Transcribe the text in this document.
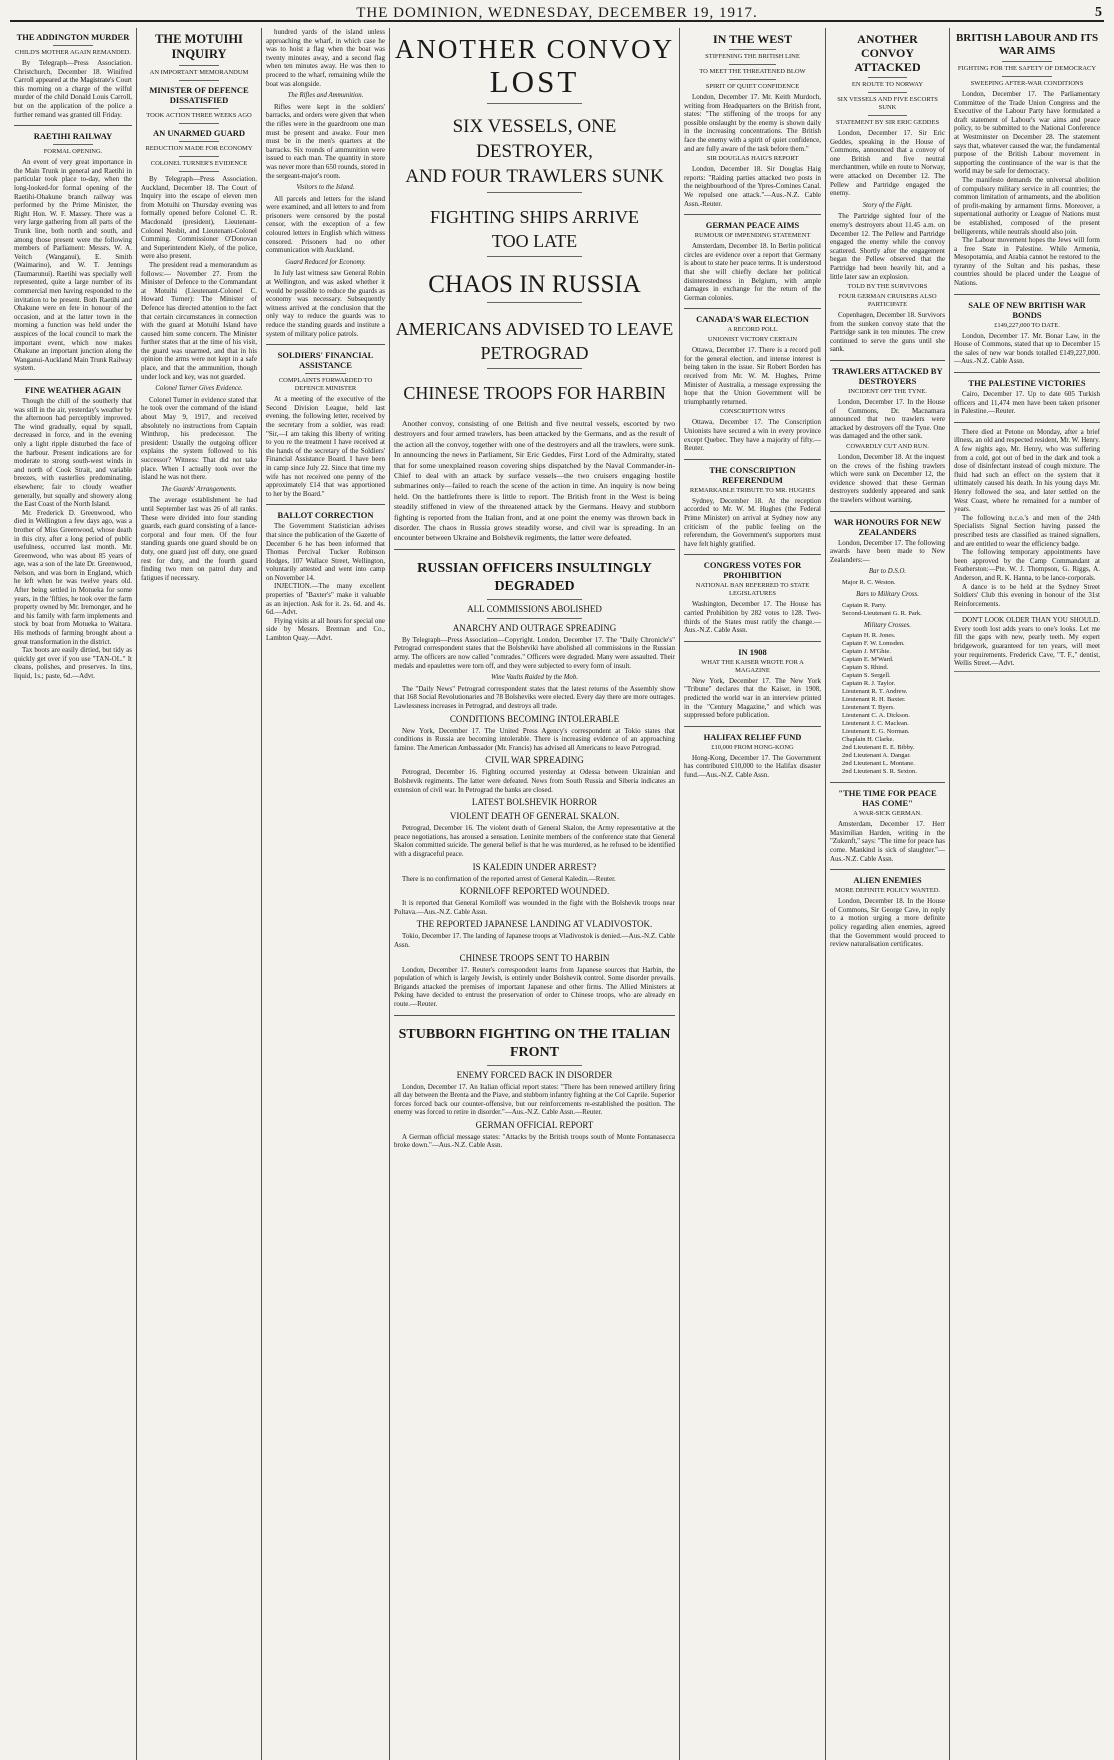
THE DOMINION, WEDNESDAY, DECEMBER 19, 1917.	5
THE ADDINGTON MURDER
CHILD'S MOTHER AGAIN REMANDED.

By Telegraph—Press Association. Christchurch, December 18. Winifred Carroll appeared at the Magistrate's Court this morning on a charge of the wilful murder of the child Donald Louis Carroll, but on the application of the police a further remand was granted till Friday.

RAETIHI RAILWAY
FORMAL OPENING.

An event of very great importance in the Main Trunk in general and Raetihi in particular took place to-day, when the long-looked-for formal opening of the Raetihi-Ohakune branch railway was performed by the Prime Minister, the Right Hon. W. F. Massey. There was a very large gathering from all parts of the Trunk line, both north and south, and among those present were the following members of Parliament: Messrs. W. A. Veitch (Wanganui), E. Smith (Waimarino), and W. T. Jennings (Taumarunui). Raetihi was specially well represented, quite a large number of its commercial men having responded to the invitation to be present. Both Raetihi and Ohakune were en fete in honour of the occasion, and at the latter town in the morning a function was held under the auspices of the local council to mark the important event, which now makes Ohakune an important junction along the Wanganui-Auckland Main Trunk Railway system.

FINE WEATHER AGAIN

Though the chill of the southerly that was still in the air, yesterday's weather by the afternoon had perceptibly improved. The wind gradually, equal by squall, decreased in force, and in the evening only a light ripple disturbed the face of the harbour. Present indications are for moderate to strong south-west winds in and north of Cook Strait, and variable breezes, with easterlies predominating, elsewhere; fair to cloudy weather generally, but squally and showery along the East Coast of the North Island.

Mr. Frederick D. Greenwood, who died in Wellington a few days ago, was a brother of Miss Greenwood, whose death in this city, after a long period of public usefulness, occurred last month. Mr. Greenwood, who was about 85 years of age, was a son of the late Dr. Greenwood, Nelson, and was born in England, which he left when he was twelve years old. After being settled in Motueka for some years, in the 'fifties, he took over the farm property owned by Mr. Iremonger, and he and his family with farm implements and stock by boat from Motueka to Waitara. His methods of farming brought about a great transformation in the district.

Tax boots are easily dirtied, but tidy as quickly get over if you use "TAN-OL." It cleans, polishes, and preserves. In tins, liquid, 1s.; paste, 6d.—Advt.

THE MOTUIHI INQUIRY
AN IMPORTANT MEMORANDUM
MINISTER OF DEFENCE DISSATISFIED
TOOK ACTION THREE WEEKS AGO
AN UNARMED GUARD
REDUCTION MADE FOR ECONOMY
COLONEL TURNER'S EVIDENCE

By Telegraph—Press Association. Auckland, December 18. The Court of Inquiry into the escape of eleven men from Motuihi on Thursday evening was formally opened before Colonel C. R. Macdonald (president), Lieutenant-Colonel Nesbit, and Lieutenant-Colonel Cumming. Commissioner O'Donovan and Superintendent Kiely, of the police, were also present.

The president read a memorandum as follows:— November 27. From the Minister of Defence to the Commandant at Motuihi (Lieutenant-Colonel C. Howard Turner): The Minister of Defence has directed attention to the fact that certain circumstances in connection with the guard at Motuihi Island have caused him some concern. The Minister further states that at the time of his visit, the guard was unarmed, and that in his opinion the arms were not kept in a safe place, and that the ammunition, though under lock and key, was not guarded.

Colonel Turner Gives Evidence.

Colonel Turner in evidence stated that he took over the command of the island about May 9, 1917, and received absolutely no instructions from Captain Winthrop, his predecessor. The president: Usually the outgoing officer explains the system followed to his successor? Witness: That did not take place. When I actually took over the island he was not there.

The Guards' Arrangements.

The average establishment he had until September last was 26 of all ranks. These were divided into four standing guards, each guard consisting of a lance-corporal and four men. Of the four standing guards one guard should be on duty, one guard just off duty, one guard rest for duty, and the fourth guard finding two men on patrol duty and fatigues if necessary.

hundred yards of the island unless approaching the wharf, in which case he was to hoist a flag when the boat was twenty minutes away, and a second flag when ten minutes away. He was then to proceed to the wharf, remaining while the boat was alongside.

The Rifles and Ammunition.

Rifles were kept in the soldiers' barracks, and orders were given that when the rifles were in the guardroom one man must be present and awake. Four men must be in the men's quarters at the barracks. Six rounds of ammunition were issued to each man. The quantity in store was never more than 650 rounds, stored in the sergeant-major's room.

Visitors to the Island.

All parcels and letters for the island were examined, and all letters to and from prisoners were censored by the postal censor, with the exception of a few coloured letters in English which witness censored. Prisoners had no other communication with Auckland.

Guard Reduced for Economy.

In July last witness saw General Robin at Wellington, and was asked whether it would be possible to reduce the guards as economy was necessary. Subsequently witness arrived at the conclusion that the only way to reduce the guards was to reduce the standing guards and institute a system of military police patrols.

SOLDIERS' FINANCIAL ASSISTANCE
COMPLAINTS FORWARDED TO DEFENCE MINISTER

At a meeting of the executive of the Second Division League, held last evening, the following letter, received by the secretary from a soldier, was read: "Sir,—I am taking this liberty of writing to you re the treatment I have received at the hands of the secretary of the Soldiers' Financial Assistance Board. I have been in camp since July 22. Since that time my wife has not received one penny of the approximately £14 that was apportioned to her by the Board."

BALLOT CORRECTION

The Government Statistician advises that since the publication of the Gazette of December 6 he has been informed that Thomas Percival Tucker Robinson Hodges, 107 Wallace Street, Wellington, voluntarily attested and went into camp on November 14.

INJECTION.—The many excellent properties of "Baxter's" make it valuable as an injection. Ask for it. 2s. 6d. and 4s. 6d.—Advt.

Flying visits at all hours for special one side by Messrs. Brennan and Co., Lambton Quay.—Advt.

ANOTHER CONVOY
LOST
SIX VESSELS, ONE DESTROYER,
AND FOUR TRAWLERS SUNK
FIGHTING SHIPS ARRIVE
TOO LATE
CHAOS IN RUSSIA
AMERICANS ADVISED TO LEAVE
PETROGRAD
CHINESE TROOPS FOR HARBIN

Another convoy, consisting of one British and five neutral vessels, escorted by two destroyers and four armed trawlers, has been attacked by the Germans, and as the result of the action all the convoy, together with one of the destroyers and all the trawlers, were sunk. In announcing the news in Parliament, Sir Eric Geddes, First Lord of the Admiralty, stated that for some unexplained reason covering ships dispatched by the Naval Commander-in-Chief to deal with an attack by surface vessels—the two cruisers engaging hostile submarines only—failed to reach the scene of the action in time. An inquiry is now being held. On the battlefronts there is little to report. The British front in the West is being steadily stiffened in view of the threatened attack by the Germans. Heavy and stubborn fighting is reported from the Italian front, and at one point the enemy was thrown back in disorder. The chaos in Russia grows steadily worse, and civil war is spreading. In an encounter between Ukraine and Bolshevik regiments, the latter were defeated.

RUSSIAN OFFICERS INSULTINGLY DEGRADED
ALL COMMISSIONS ABOLISHED
ANARCHY AND OUTRAGE SPREADING

By Telegraph—Press Association—Copyright. London, December 17. The "Daily Chronicle's" Petrograd correspondent states that the Bolsheviki have abolished all commissions in the Russian army. The officers are now called "comrades." Officers were degraded. Many were assaulted. Their medals and epaulettes were torn off, and they were subjected to every form of insult.

Wine Vaults Raided by the Mob.

The "Daily News" Petrograd correspondent states that the latest returns of the Assembly show that 168 Social Revolutionaries and 78 Bolsheviks were elected. Every day there are more outrages. Lawlessness increases in Petrograd, and destroys all trade.

CONDITIONS BECOMING INTOLERABLE

New York, December 17. The United Press Agency's correspondent at Tokio states that conditions in Russia are becoming intolerable. There is increasing evidence of an approaching famine. The American Ambassador (Mr. Francis) has advised all Americans to leave Petrograd.

CIVIL WAR SPREADING

Petrograd, December 16. Fighting occurred yesterday at Odessa between Ukrainian and Bolshevik regiments. The latter were defeated. News from South Russia and Siberia indicates an extension of civil war. In Petrograd the banks are closed.

LATEST BOLSHEVIK HORROR
VIOLENT DEATH OF GENERAL SKALON.

Petrograd, December 16. The violent death of General Skalon, the Army representative at the peace negotiations, has aroused a sensation. Leninite members of the conference state that General Skalon committed suicide. The general belief is that he was murdered, as he refused to be identified with a disgraceful peace.

IS KALEDIN UNDER ARREST?

There is no confirmation of the reported arrest of General Kaledin.—Reuter.

KORNILOFF REPORTED WOUNDED.

It is reported that General Korniloff was wounded in the fight with the Bolshevik troops near Poltava.—Aus.-N.Z. Cable Assn.

THE REPORTED JAPANESE LANDING AT VLADIVOSTOK.

Tokio, December 17. The landing of Japanese troops at Vladivostok is denied.—Aus.-N.Z. Cable Assn.

CHINESE TROOPS SENT TO HARBIN

London, December 17. Reuter's correspondent learns from Japanese sources that Harbin, the population of which is largely Jewish, is entirely under Bolshevik control. Some disorder prevails. Brigands attacked the premises of important Japanese and other firms. The Allied Ministers at Peking have decided to entrust the preservation of order to Chinese troops, who are already en route.—Reuter.

STUBBORN FIGHTING ON THE ITALIAN FRONT
ENEMY FORCED BACK IN DISORDER

London, December 17. An Italian official report states: "There has been renewed artillery firing all day between the Brenta and the Piave, and stubborn infantry fighting at the Col Caprile. Superior forces forced back our counter-offensive, but our reinforcements re-established the position. The enemy was forced to retire in disorder."—Aus.-N.Z. Cable Assn.—Reuter.

GERMAN OFFICIAL REPORT

A German official message states: "Attacks by the British troops south of Monte Fontanasecca broke down."—Aus.-N.Z. Cable Assn.

IN THE WEST
STIFFENING THE BRITISH LINE
TO MEET THE THREATENED BLOW
SPIRIT OF QUIET CONFIDENCE

London, December 17. Mr. Keith Murdoch, writing from Headquarters on the British front, states: "The stiffening of the troops for any possible onslaught by the enemy is shown daily in the increasing concentrations. The British face the enemy with a spirit of quiet confidence, and are fully aware of the task before them."

SIR DOUGLAS HAIG'S REPORT

London, December 18. Sir Douglas Haig reports: "Raiding parties attacked two posts in the neighbourhood of the Ypres-Comines Canal. We repulsed one attack."—Aus.-N.Z. Cable Assn.-Reuter.

GERMAN PEACE AIMS
RUMOUR OF IMPENDING STATEMENT

Amsterdam, December 18. In Berlin political circles are evidence over a report that Germany is about to state her peace terms. It is understood that she will chiefly declare her political disinterestedness in Belgium, with ample damages in exchange for the return of the German colonies.

CANADA'S WAR ELECTION
A RECORD POLL
UNIONIST VICTORY CERTAIN

Ottawa, December 17. There is a record poll for the general election, and intense interest is being taken in the issue. Sir Robert Borden has received from Mr. W. M. Hughes, Prime Minister of Australia, a message expressing the hope that the Union Government will be triumphantly returned.

CONSCRIPTION WINS

Ottawa, December 17. The Conscription Unionists have secured a win in every province except Quebec. They have a majority of fifty.—Reuter.

THE CONSCRIPTION REFERENDUM
REMARKABLE TRIBUTE TO MR. HUGHES

Sydney, December 18. At the reception accorded to Mr. W. M. Hughes (the Federal Prime Minister) on arrival at Sydney now any criticism of the public feeling on the referendum, the Government's supporters must have felt highly gratified.

CONGRESS VOTES FOR PROHIBITION
NATIONAL BAN REFERRED TO STATE LEGISLATURES

Washington, December 17. The House has carried Prohibition by 282 votes to 128. Two-thirds of the States must ratify the change.—Aus.-N.Z. Cable Assn.

IN 1908
WHAT THE KAISER WROTE FOR A MAGAZINE

New York, December 17. The New York "Tribune" declares that the Kaiser, in 1908, predicted the world war in an interview printed in the "Century Magazine," and which was suppressed before publication.

HALIFAX RELIEF FUND
£10,000 FROM HONG-KONG

Hong-Kong, December 17. The Government has contributed £10,000 to the Halifax disaster fund.—Aus.-N.Z. Cable Assn.

ANOTHER CONVOY ATTACKED
EN ROUTE TO NORWAY
SIX VESSELS AND FIVE ESCORTS SUNK
STATEMENT BY SIR ERIC GEDDES

London, December 17. Sir Eric Geddes, speaking in the House of Commons, announced that a convoy of one British and five neutral merchantmen, while en route to Norway, were attacked on December 12. The Pellew and Partridge engaged the enemy.

Story of the Fight.

The Partridge sighted four of the enemy's destroyers about 11.45 a.m. on December 12. The Pellew and Partridge engaged the enemy while the convoy scattered. Shortly after the engagement began the Pellew observed that the Partridge had been heavily hit, and a little later saw an explosion.

TOLD BY THE SURVIVORS
FOUR GERMAN CRUISERS ALSO PARTICIPATE

Copenhagen, December 18. Survivors from the sunken convoy state that the Partridge sank in ten minutes. The crew continued to serve the guns until she sank.

TRAWLERS ATTACKED BY DESTROYERS
INCIDENT OFF THE TYNE.

London, December 17. In the House of Commons, Dr. Macnamara announced that two trawlers were attacked by destroyers off the Tyne. One was damaged and the other sank.

COWARDLY CUT AND RUN.

London, December 18. At the inquest on the crews of the fishing trawlers which were sunk on December 12, the evidence showed that these German destroyers suddenly appeared and sank the trawlers without warning.

WAR HONOURS FOR NEW ZEALANDERS

London, December 17. The following awards have been made to New Zealanders:—

Bar to D.S.O.
Major R. C. Weston.
Bars to Military Cross.
Captain R. Party.
Second-Lieutenant G. R. Park.
Military Crosses.
Captain H. R. Jones.
Captain F. W. Lomsden.
Captain J. M'Ghie.
Captain E. M'Ward.
Captain S. Rhind.
Captain S. Sergell.
Captain R. J. Taylor.
Lieutenant R. T. Andrew.
Lieutenant R. H. Baxter.
Lieutenant T. Byers.
Lieutenant C. A. Dickson.
Lieutenant J. C. Maclean.
Lieutenant E. G. Norman.
Chaplain H. Clarke.
2nd Lieutenant E. E. Bibby.
2nd Lieutenant A. Dangar.
2nd Lieutenant L. Montane.
2nd Lieutenant S. R. Sexton.
"THE TIME FOR PEACE HAS COME"
A WAR-SICK GERMAN.

Amsterdam, December 17. Herr Maximilian Harden, writing in the "Zukunft," says: "The time for peace has come. Mankind is sick of slaughter."—Aus.-N.Z. Cable Assn.

ALIEN ENEMIES
MORE DEFINITE POLICY WANTED.

London, December 18. In the House of Commons, Sir George Cave, in reply to a motion urging a more definite policy regarding alien enemies, agreed that the Government would proceed to review naturalisation certificates.

BRITISH LABOUR AND ITS WAR AIMS
FIGHTING FOR THE SAFETY OF DEMOCRACY
SWEEPING AFTER-WAR CONDITIONS

London, December 17. The Parliamentary Committee of the Trade Union Congress and the Executive of the Labour Party have formulated a draft statement of Labour's war aims and peace policy, to be submitted to the National Conference at Westminster on December 28. The statement says that, whatever caused the war, the fundamental purpose of the British Labour movement in supporting the continuance of the war is that the world may be safe for democracy.

The manifesto demands the universal abolition of compulsory military service in all countries; the common limitation of armaments, and the abolition of profit-making by armament firms. Moreover, a supernational authority or League of Nations must be established, composed of the present belligerents, while neutrals should also join.

The Labour movement hopes the Jews will form a free State in Palestine. While Armenia, Mesopotamia, and Arabia cannot be restored to the tyranny of the Sultan and his pashas, these countries should be placed under the League of Nations.

SALE OF NEW BRITISH WAR BONDS
£149,227,000 TO DATE.

London, December 17. Mr. Bonar Law, in the House of Commons, stated that up to December 15 the sales of new war bonds totalled £149,227,000.—Aus.-N.Z. Cable Assn.

THE PALESTINE VICTORIES

Cairo, December 17. Up to date 605 Turkish officers and 11,474 men have been taken prisoner in Palestine.—Reuter.

There died at Petone on Monday, after a brief illness, an old and respected resident, Mr. W. Henry. A few nights ago, Mr. Henry, who was suffering from a cold, got out of bed in the dark and took a dose of disinfectant instead of cough mixture. The fluid had such an effect on the system that it ultimately caused his death. In his young days Mr. Henry followed the sea, and later settled on the West Coast, where he remained for a number of years.

The following n.c.o.'s and men of the 24th Specialists Signal Section having passed the prescribed tests are classified as trained signallers, and are entitled to wear the efficiency badge.

The following temporary appointments have been approved by the Camp Commandant at Featherston:—Pte. W. J. Thompson, G. Riggs, A. Anderson, and R. K. Hanna, to be lance-corporals.

A dance is to be held at the Sydney Street Soldiers' Club this evening in honour of the 31st Reinforcements.

DON'T LOOK OLDER THAN YOU SHOULD. Every tooth lost adds years to one's looks. Let me fill the gaps with new, pearly teeth. My expert bridgework, guaranteed for ten years, will meet your requirements. Frederick Cave, "T. F.," dentist, Wellis Street.—Advt.
